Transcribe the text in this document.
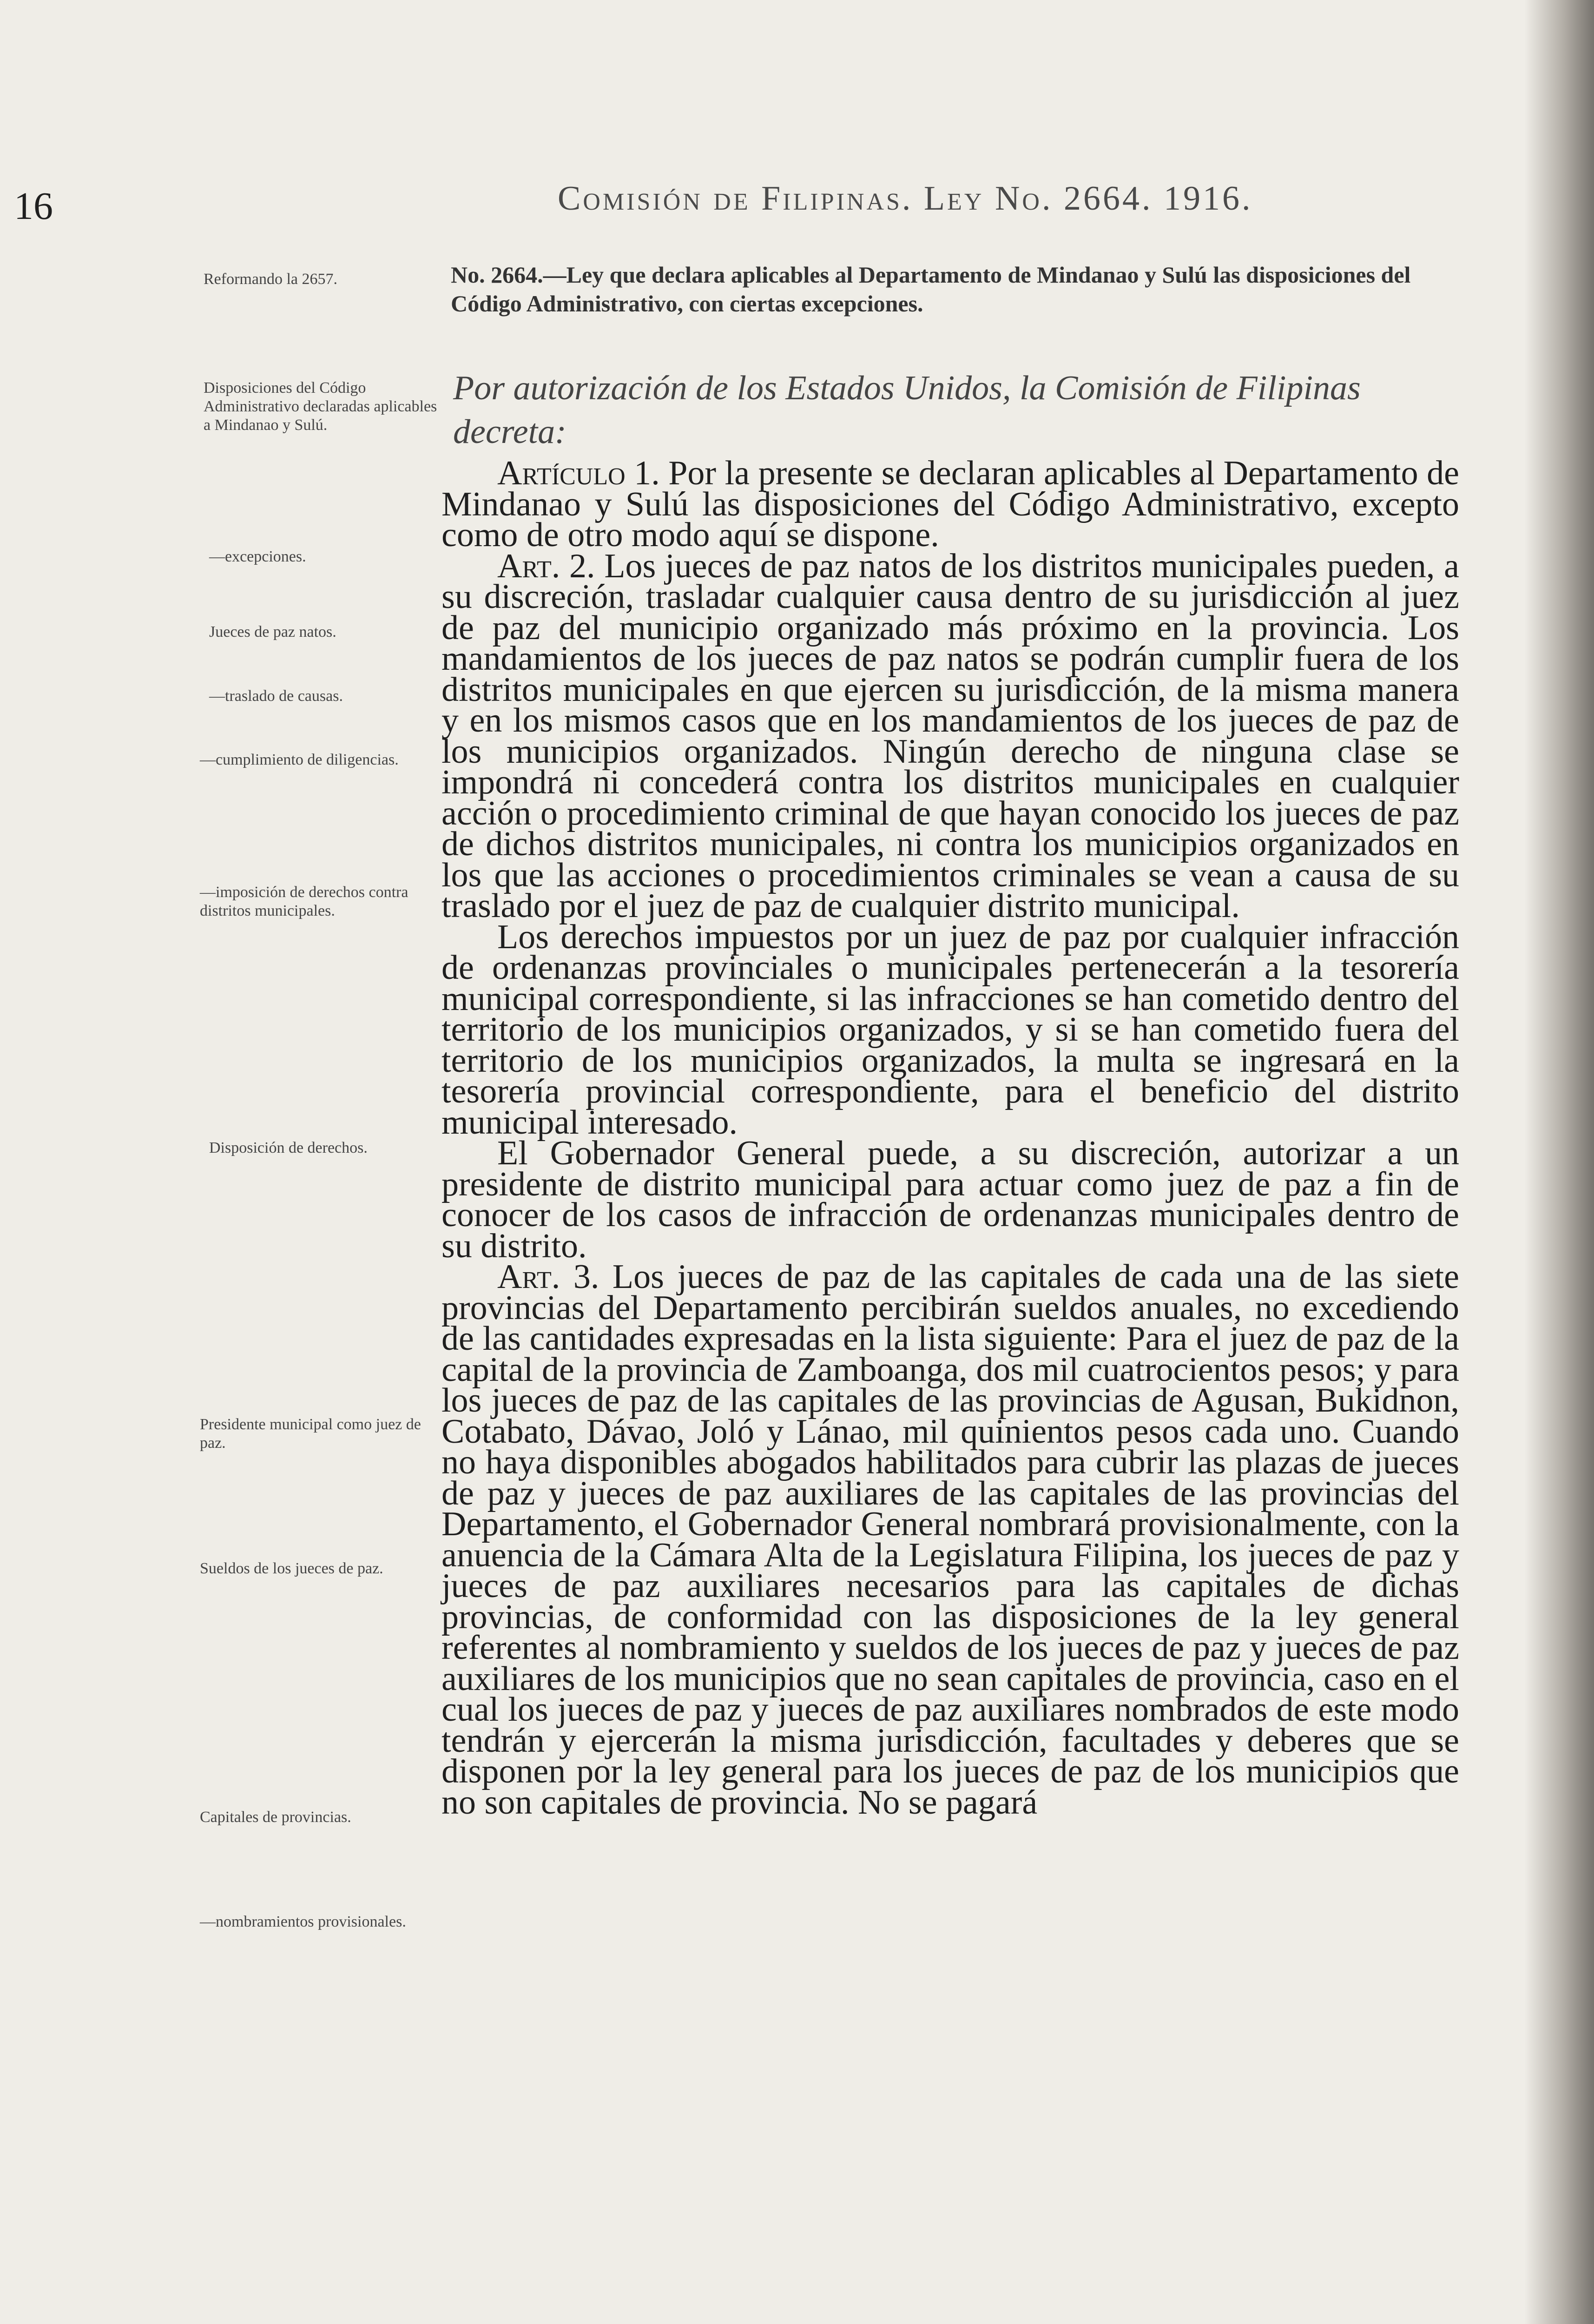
16	Comisión de Filipinas. Ley No. 2664. 1916.
Reformando la 2657.	No. 2664.—Ley que declara aplicables al Departamento de Mindanao y Sulú las disposiciones del Código Administrativo, con ciertas excepciones.
Por autorización de los Estados Unidos, la Comisión de Filipinas decreta:
Disposiciones del Código Administrativo declaradas aplicables a Mindanao y Sulú.
—excepciones.
Jueces de paz natos.
—traslado de causas.
—cumplimiento de diligencias.
—imposición de derechos contra distritos municipales.
Disposición de derechos.
Presidente municipal como juez de paz.
Sueldos de los jueces de paz.
Capitales de provincias.
—nombramientos provisionales.

Artículo 1. Por la presente se declaran aplicables al Departamento de Mindanao y Sulú las disposiciones del Código Administrativo, excepto como de otro modo aquí se dispone.

Art. 2. Los jueces de paz natos de los distritos municipales pueden, a su discreción, trasladar cualquier causa dentro de su jurisdicción al juez de paz del municipio organizado más próximo en la provincia. Los mandamientos de los jueces de paz natos se podrán cumplir fuera de los distritos municipales en que ejercen su jurisdicción, de la misma manera y en los mismos casos que en los mandamientos de los jueces de paz de los municipios organizados. Ningún derecho de ninguna clase se impondrá ni concederá contra los distritos municipales en cualquier acción o procedimiento criminal de que hayan conocido los jueces de paz de dichos distritos municipales, ni contra los municipios organizados en los que las acciones o procedimientos criminales se vean a causa de su traslado por el juez de paz de cualquier distrito municipal.

Los derechos impuestos por un juez de paz por cualquier infracción de ordenanzas provinciales o municipales pertenecerán a la tesorería municipal correspondiente, si las infracciones se han cometido dentro del territorio de los municipios organizados, y si se han cometido fuera del territorio de los municipios organizados, la multa se ingresará en la tesorería provincial correspondiente, para el beneficio del distrito municipal interesado.

El Gobernador General puede, a su discreción, autorizar a un presidente de distrito municipal para actuar como juez de paz a fin de conocer de los casos de infracción de ordenanzas municipales dentro de su distrito.

Art. 3. Los jueces de paz de las capitales de cada una de las siete provincias del Departamento percibirán sueldos anuales, no excediendo de las cantidades expresadas en la lista siguiente: Para el juez de paz de la capital de la provincia de Zamboanga, dos mil cuatrocientos pesos; y para los jueces de paz de las capitales de las provincias de Agusan, Bukidnon, Cotabato, Dávao, Joló y Lánao, mil quinientos pesos cada uno. Cuando no haya disponibles abogados habilitados para cubrir las plazas de jueces de paz y jueces de paz auxiliares de las capitales de las provincias del Departamento, el Gobernador General nombrará provisionalmente, con la anuencia de la Cámara Alta de la Legislatura Filipina, los jueces de paz y jueces de paz auxiliares necesarios para las capitales de dichas provincias, de conformidad con las disposiciones de la ley general referentes al nombramiento y sueldos de los jueces de paz y jueces de paz auxiliares de los municipios que no sean capitales de provincia, caso en el cual los jueces de paz y jueces de paz auxiliares nombrados de este modo tendrán y ejercerán la misma jurisdicción, facultades y deberes que se disponen por la ley general para los jueces de paz de los municipios que no son capitales de provincia. No se pagará
